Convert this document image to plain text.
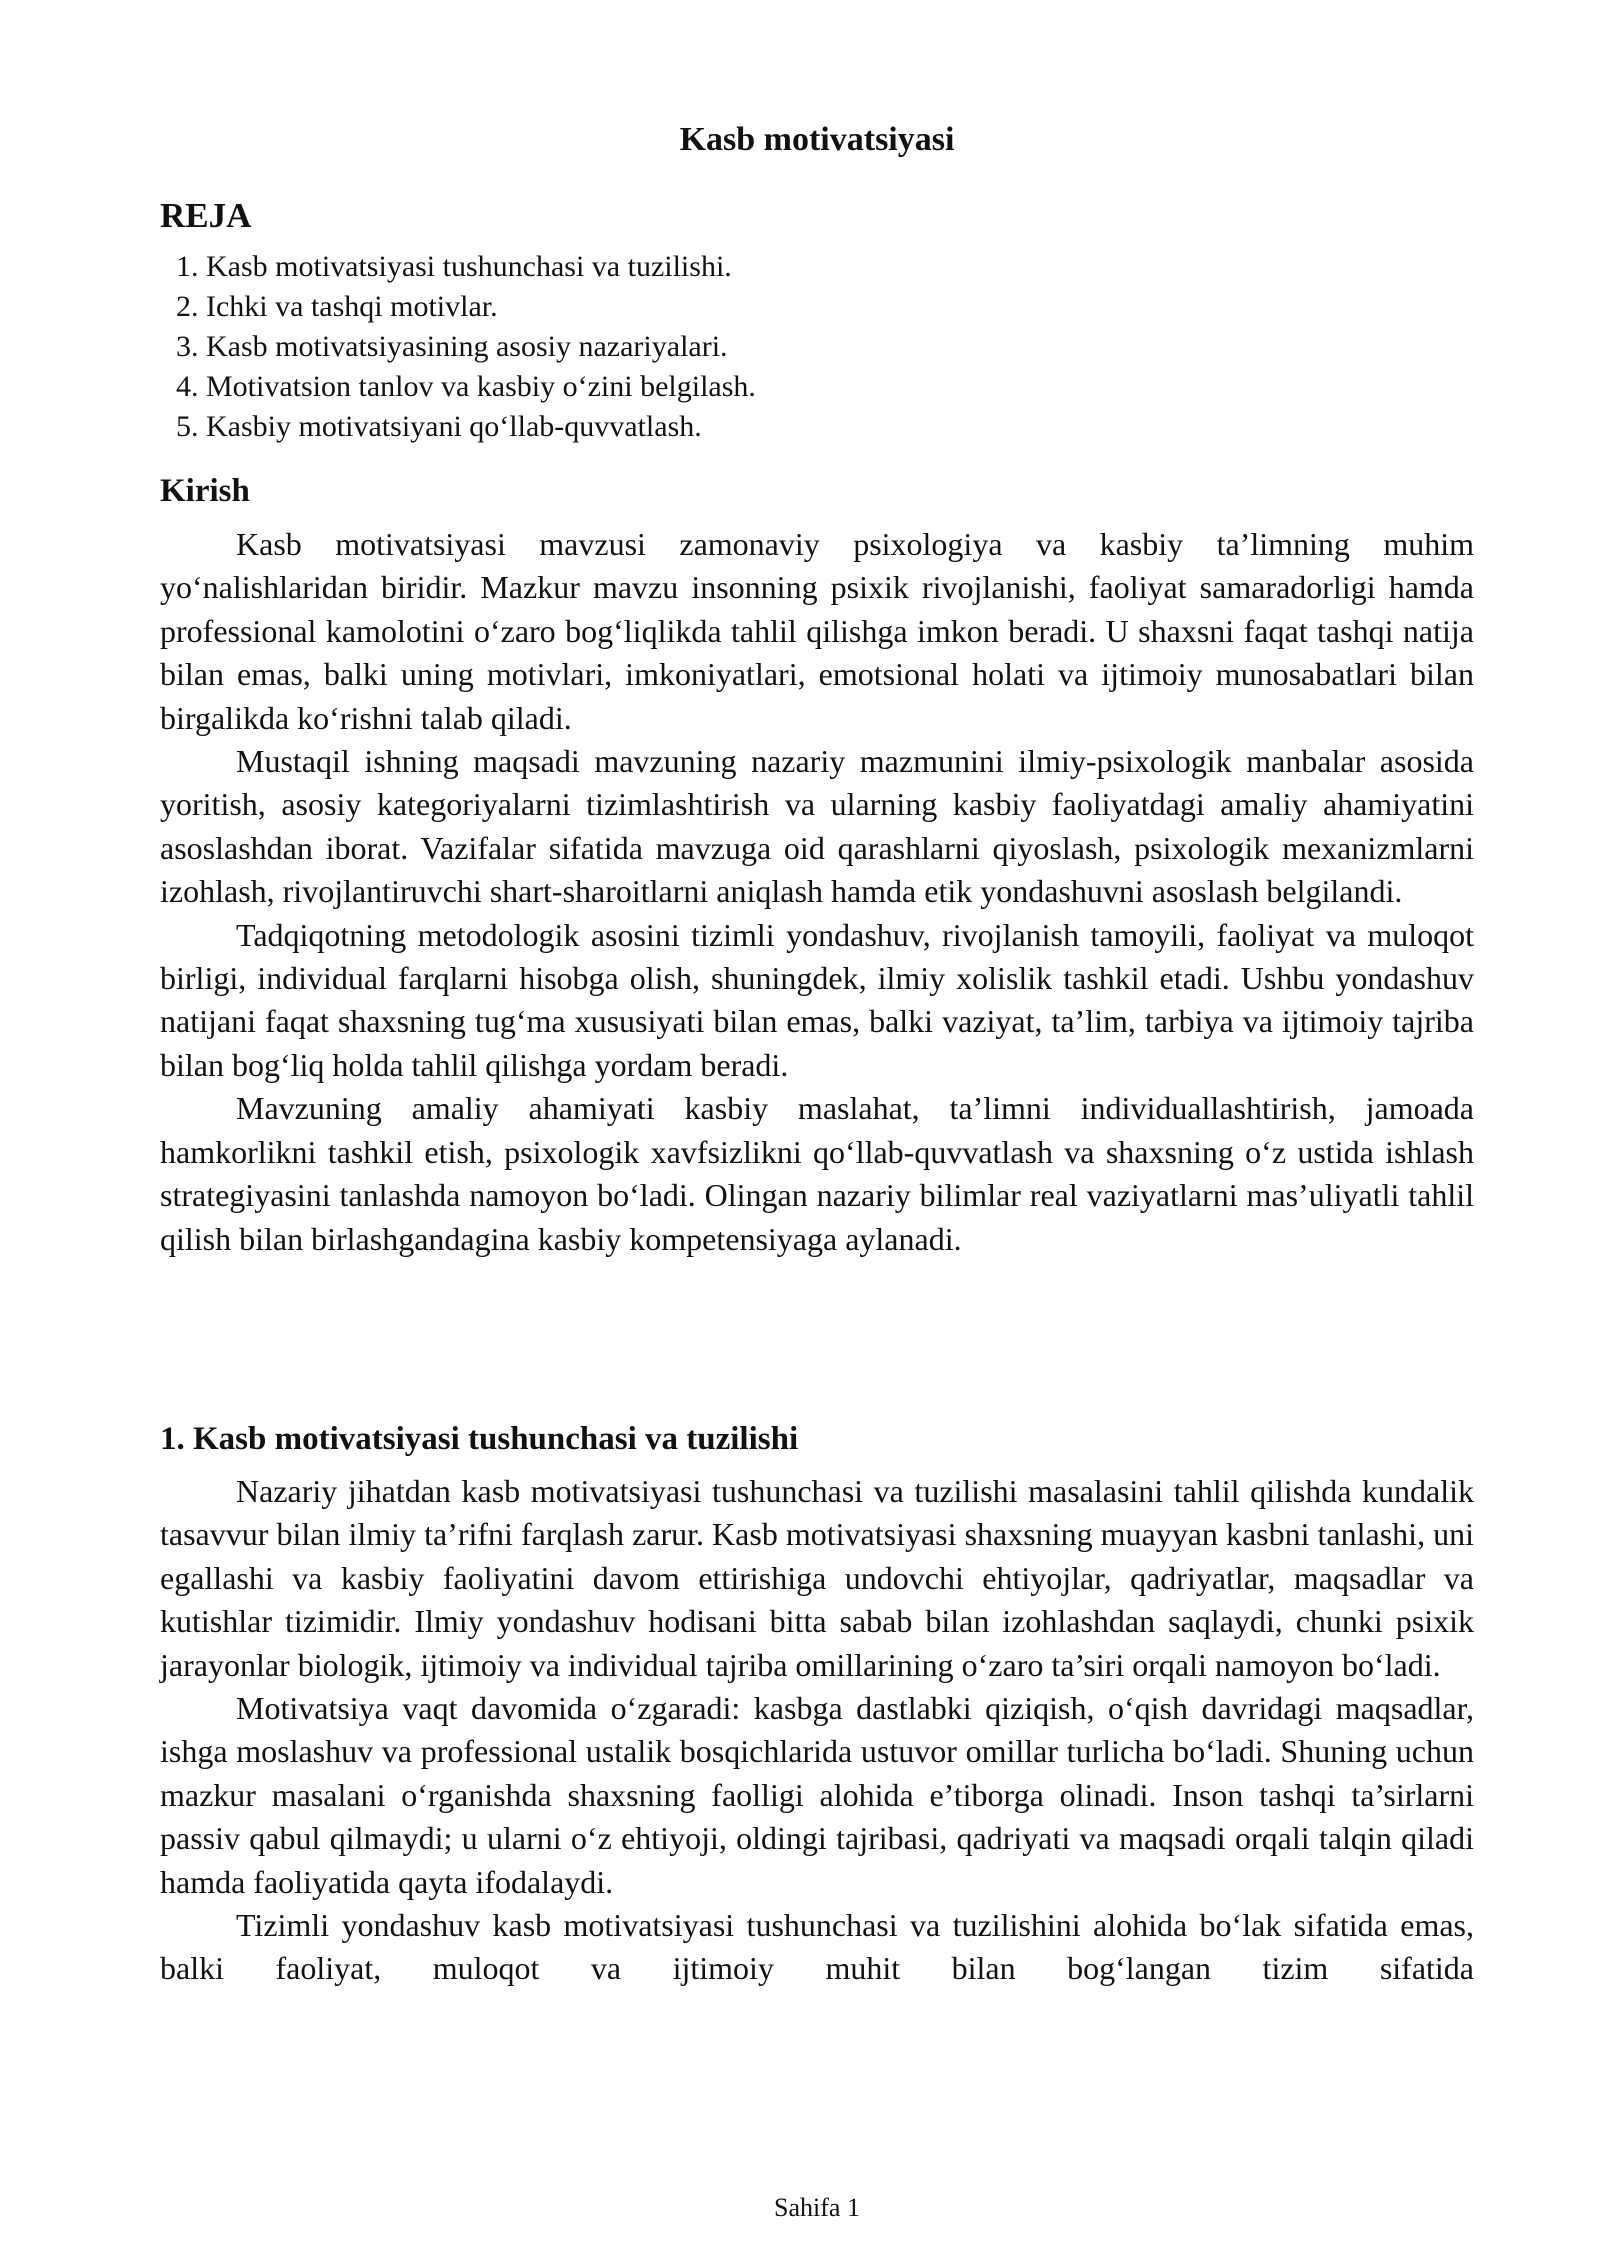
Kasb motivatsiyasi
REJA
1. Kasb motivatsiyasi tushunchasi va tuzilishi.
2. Ichki va tashqi motivlar.
3. Kasb motivatsiyasining asosiy nazariyalari.
4. Motivatsion tanlov va kasbiy o‘zini belgilash.
5. Kasbiy motivatsiyani qo‘llab-quvvatlash.
Kirish

Kasb motivatsiyasi mavzusi zamonaviy psixologiya va kasbiy ta’limning muhim yo‘nalishlaridan biridir. Mazkur mavzu insonning psixik rivojlanishi, faoliyat samaradorligi hamda professional kamolotini o‘zaro bog‘liqlikda tahlil qilishga imkon beradi. U shaxsni faqat tashqi natija bilan emas, balki uning motivlari, imkoniyatlari, emotsional holati va ijtimoiy munosabatlari bilan birgalikda ko‘rishni talab qiladi.

Mustaqil ishning maqsadi mavzuning nazariy mazmunini ilmiy-psixologik manbalar asosida yoritish, asosiy kategoriyalarni tizimlashtirish va ularning kasbiy faoliyatdagi amaliy ahamiyatini asoslashdan iborat. Vazifalar sifatida mavzuga oid qarashlarni qiyoslash, psixologik mexanizmlarni izohlash, rivojlantiruvchi shart-sharoitlarni aniqlash hamda etik yondashuvni asoslash belgilandi.

Tadqiqotning metodologik asosini tizimli yondashuv, rivojlanish tamoyili, faoliyat va muloqot birligi, individual farqlarni hisobga olish, shuningdek, ilmiy xolislik tashkil etadi. Ushbu yondashuv natijani faqat shaxsning tug‘ma xususiyati bilan emas, balki vaziyat, ta’lim, tarbiya va ijtimoiy tajriba bilan bog‘liq holda tahlil qilishga yordam beradi.

Mavzuning amaliy ahamiyati kasbiy maslahat, ta’limni individuallashtirish, jamoada hamkorlikni tashkil etish, psixologik xavfsizlikni qo‘llab-quvvatlash va shaxsning o‘z ustida ishlash strategiyasini tanlashda namoyon bo‘ladi. Olingan nazariy bilimlar real vaziyatlarni mas’uliyatli tahlil qilish bilan birlashgandagina kasbiy kompetensiyaga aylanadi.

1. Kasb motivatsiyasi tushunchasi va tuzilishi

Nazariy jihatdan kasb motivatsiyasi tushunchasi va tuzilishi masalasini tahlil qilishda kundalik tasavvur bilan ilmiy ta’rifni farqlash zarur. Kasb motivatsiyasi shaxsning muayyan kasbni tanlashi, uni egallashi va kasbiy faoliyatini davom ettirishiga undovchi ehtiyojlar, qadriyatlar, maqsadlar va kutishlar tizimidir. Ilmiy yondashuv hodisani bitta sabab bilan izohlashdan saqlaydi, chunki psixik jarayonlar biologik, ijtimoiy va individual tajriba omillarining o‘zaro ta’siri orqali namoyon bo‘ladi.

Motivatsiya vaqt davomida o‘zgaradi: kasbga dastlabki qiziqish, o‘qish davridagi maqsadlar, ishga moslashuv va professional ustalik bosqichlarida ustuvor omillar turlicha bo‘ladi. Shuning uchun mazkur masalani o‘rganishda shaxsning faolligi alohida e’tiborga olinadi. Inson tashqi ta’sirlarni passiv qabul qilmaydi; u ularni o‘z ehtiyoji, oldingi tajribasi, qadriyati va maqsadi orqali talqin qiladi hamda faoliyatida qayta ifodalaydi.

Tizimli yondashuv kasb motivatsiyasi tushunchasi va tuzilishini alohida bo‘lak sifatida emas, balki faoliyat, muloqot va ijtimoiy muhit bilan bog‘langan tizim sifatida

Sahifa 1
